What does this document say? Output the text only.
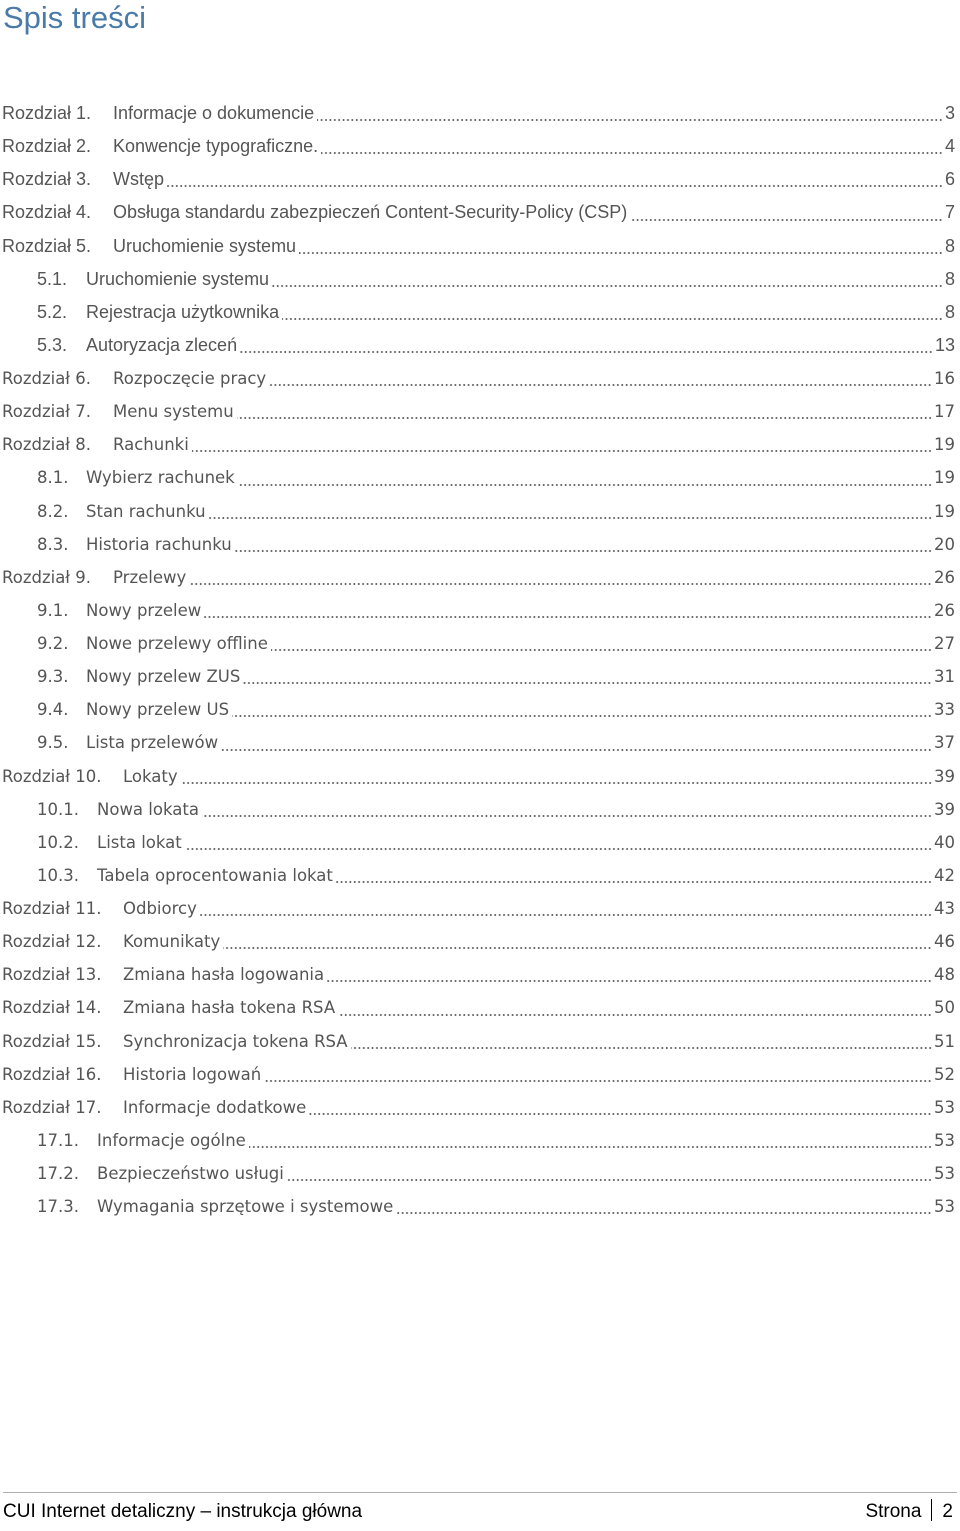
Spis treści
Rozdział 1. Informacje o dokumencie	3
Rozdział 2. Konwencje typograficzne.	4
Rozdział 3. Wstęp	6
Rozdział 4. Obsługa standardu zabezpieczeń Content-Security-Policy (CSP)	7
Rozdział 5. Uruchomienie systemu	8
5.1. Uruchomienie systemu	8
5.2. Rejestracja użytkownika	8
5.3. Autoryzacja zleceń	13
Rozdział 6. Rozpoczęcie pracy	16
Rozdział 7. Menu systemu	17
Rozdział 8. Rachunki	19
8.1. Wybierz rachunek	19
8.2. Stan rachunku	19
8.3. Historia rachunku	20
Rozdział 9. Przelewy	26
9.1. Nowy przelew	26
9.2. Nowe przelewy offline	27
9.3. Nowy przelew ZUS	31
9.4. Nowy przelew US	33
9.5. Lista przelewów	37
Rozdział 10. Lokaty	39
10.1. Nowa lokata	39
10.2. Lista lokat	40
10.3. Tabela oprocentowania lokat	42
Rozdział 11. Odbiorcy	43
Rozdział 12. Komunikaty	46
Rozdział 13. Zmiana hasła logowania	48
Rozdział 14. Zmiana hasła tokena RSA	50
Rozdział 15. Synchronizacja tokena RSA	51
Rozdział 16. Historia logowań	52
Rozdział 17. Informacje dodatkowe	53
17.1. Informacje ogólne	53
17.2. Bezpieczeństwo usługi	53
17.3. Wymagania sprzętowe i systemowe	53
CUI Internet detaliczny – instrukcja główna	Strona 2
